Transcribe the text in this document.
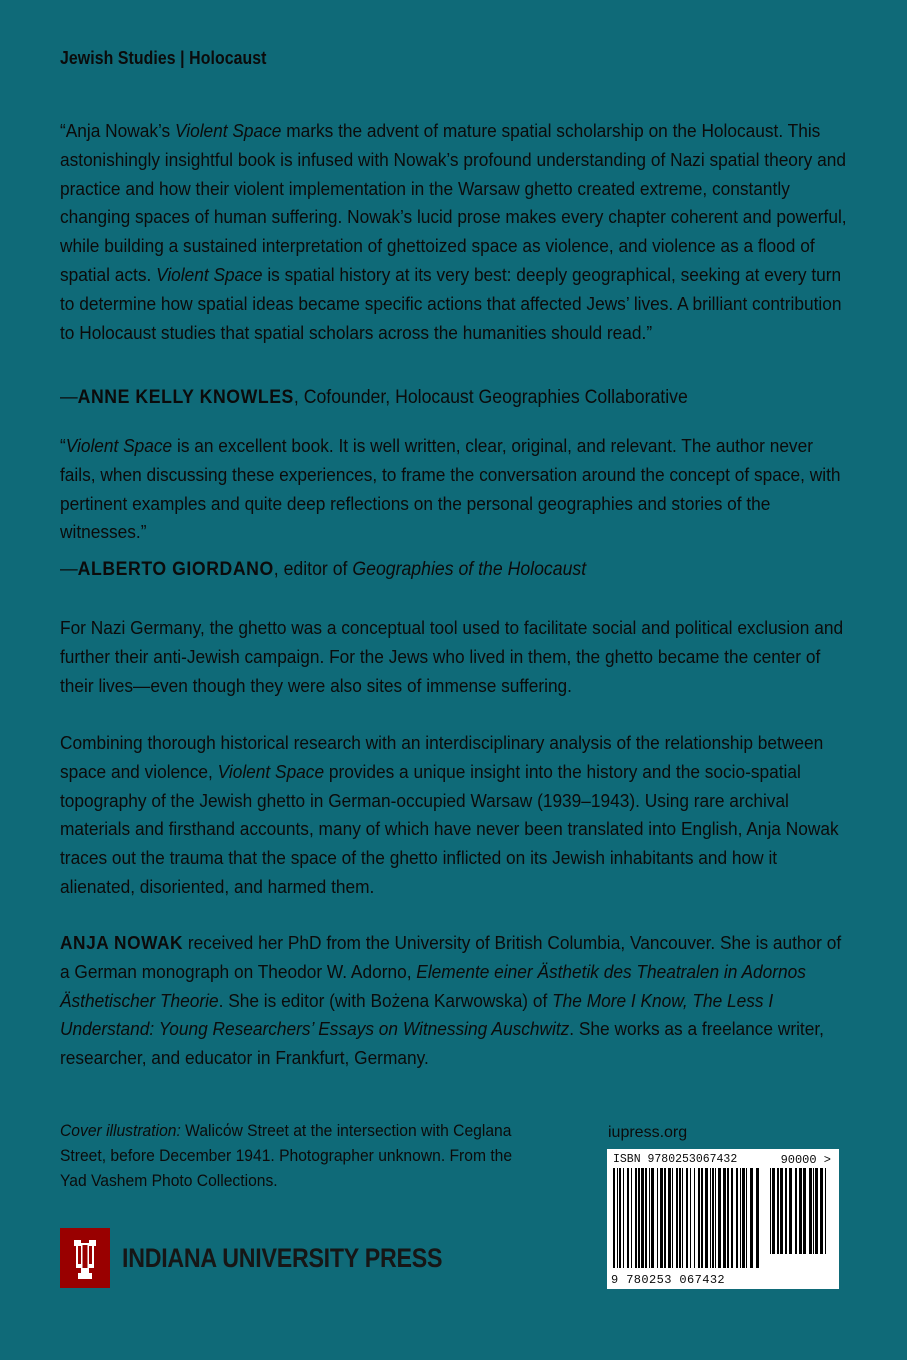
Jewish Studies | Holocaust

“Anja Nowak’s Violent Space marks the advent of mature spatial scholarship on the Holocaust. This astonishingly insightful book is infused with Nowak’s profound understanding of Nazi spatial theory and practice and how their violent implementation in the Warsaw ghetto created extreme, constantly changing spaces of human suffering. Nowak’s lucid prose makes every chapter coherent and powerful, while building a sustained interpretation of ghettoized space as violence, and violence as a flood of spatial acts. Violent Space is spatial history at its very best: deeply geographical, seeking at every turn to determine how spatial ideas became specific actions that affected Jews’ lives. A brilliant contribution to Holocaust studies that spatial scholars across the humanities should read.”

—ANNE KELLY KNOWLES, Cofounder, Holocaust Geographies Collaborative

“Violent Space is an excellent book. It is well written, clear, original, and relevant. The author never fails, when discussing these experiences, to frame the conversation around the concept of space, with pertinent examples and quite deep reflections on the personal geographies and stories of the witnesses.”

—ALBERTO GIORDANO, editor of Geographies of the Holocaust

For Nazi Germany, the ghetto was a conceptual tool used to facilitate social and political exclusion and further their anti-Jewish campaign. For the Jews who lived in them, the ghetto became the center of their lives—even though they were also sites of immense suffering.

Combining thorough historical research with an interdisciplinary analysis of the relationship between space and violence, Violent Space provides a unique insight into the history and the socio-spatial topography of the Jewish ghetto in German-occupied Warsaw (1939–1943). Using rare archival materials and firsthand accounts, many of which have never been translated into English, Anja Nowak traces out the trauma that the space of the ghetto inflicted on its Jewish inhabitants and how it alienated, disoriented, and harmed them.

ANJA NOWAK received her PhD from the University of British Columbia, Vancouver. She is author of a German monograph on Theodor W. Adorno, Elemente einer Ästhetik des Theatralen in Adornos Ästhetischer Theorie. She is editor (with Bożena Karwowska) of The More I Know, The Less I Understand: Young Researchers’ Essays on Witnessing Auschwitz. She works as a freelance writer, researcher, and educator in Frankfurt, Germany.

Cover illustration: Walicόw Street at the intersection with Ceglana Street, before December 1941. Photographer unknown. From the Yad Vashem Photo Collections.
iupress.org
ISBN 9780253067432	90000 >
9 780253 067432
INDIANA UNIVERSITY PRESS
